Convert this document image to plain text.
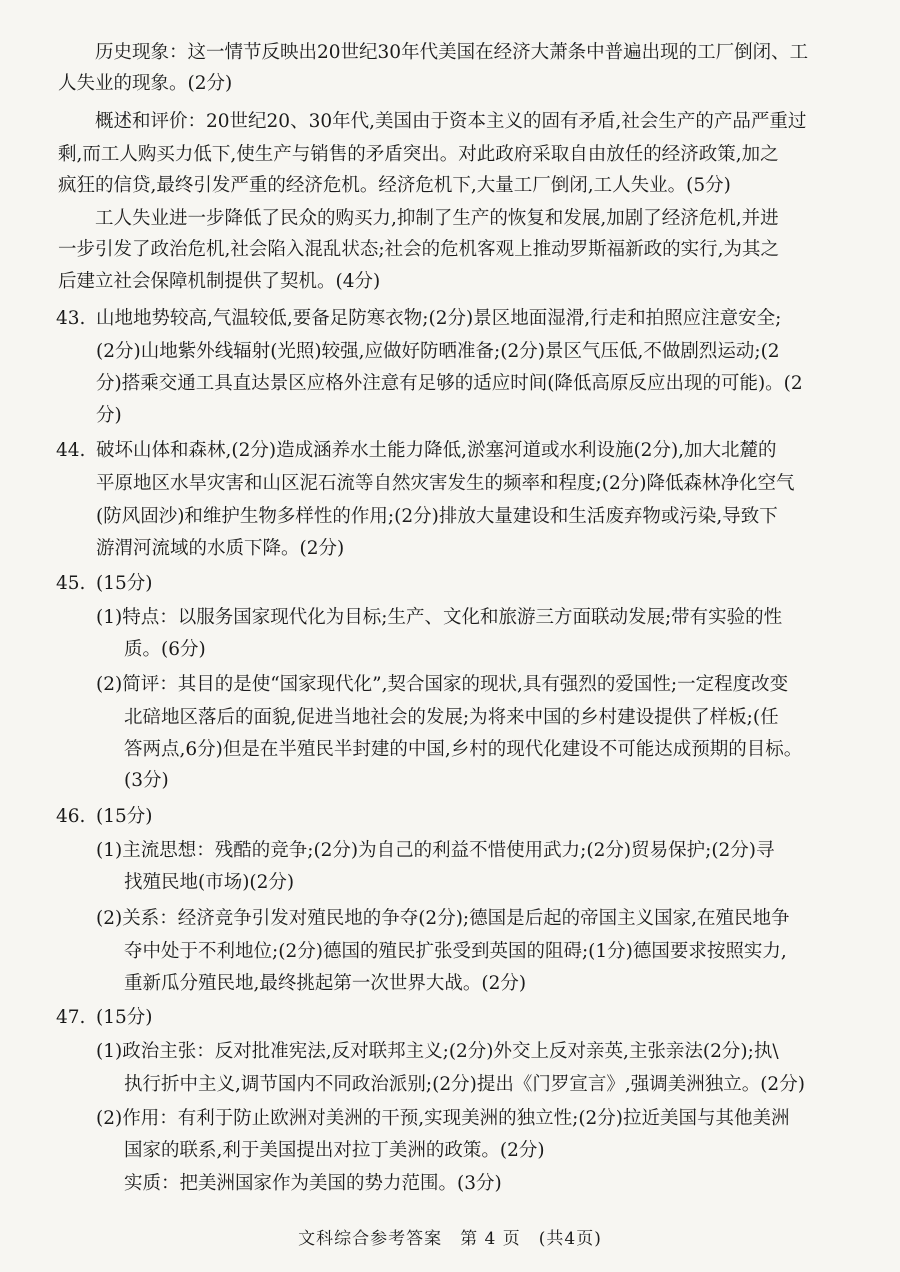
历史现象：这一情节反映出20世纪30年代美国在经济大萧条中普遍出现的工厂倒闭、工
人失业的现象。(2分)
概述和评价：20世纪20、30年代,美国由于资本主义的固有矛盾,社会生产的产品严重过
剩,而工人购买力低下,使生产与销售的矛盾突出。对此政府采取自由放任的经济政策,加之
疯狂的信贷,最终引发严重的经济危机。经济危机下,大量工厂倒闭,工人失业。(5分)
工人失业进一步降低了民众的购买力,抑制了生产的恢复和发展,加剧了经济危机,并进
一步引发了政治危机,社会陷入混乱状态;社会的危机客观上推动罗斯福新政的实行,为其之
后建立社会保障机制提供了契机。(4分)
43. 山地地势较高,气温较低,要备足防寒衣物;(2分)景区地面湿滑,行走和拍照应注意安全;
(2分)山地紫外线辐射(光照)较强,应做好防晒准备;(2分)景区气压低,不做剧烈运动;(2
分)搭乘交通工具直达景区应格外注意有足够的适应时间(降低高原反应出现的可能)。(2
分)
44. 破坏山体和森林,(2分)造成涵养水土能力降低,淤塞河道或水利设施(2分),加大北麓的
平原地区水旱灾害和山区泥石流等自然灾害发生的频率和程度;(2分)降低森林净化空气
(防风固沙)和维护生物多样性的作用;(2分)排放大量建设和生活废弃物或污染,导致下
游渭河流域的水质下降。(2分)
45. (15分)
(1)特点：以服务国家现代化为目标;生产、文化和旅游三方面联动发展;带有实验的性
质。(6分)
(2)简评：其目的是使“国家现代化”,契合国家的现状,具有强烈的爱国性;一定程度改变
北碚地区落后的面貌,促进当地社会的发展;为将来中国的乡村建设提供了样板;(任
答两点,6分)但是在半殖民半封建的中国,乡村的现代化建设不可能达成预期的目标。
(3分)
46. (15分)
(1)主流思想：残酷的竞争;(2分)为自己的利益不惜使用武力;(2分)贸易保护;(2分)寻
找殖民地(市场)(2分)
(2)关系：经济竞争引发对殖民地的争夺(2分);德国是后起的帝国主义国家,在殖民地争
夺中处于不利地位;(2分)德国的殖民扩张受到英国的阻碍;(1分)德国要求按照实力,
重新瓜分殖民地,最终挑起第一次世界大战。(2分)
47. (15分)
(1)政治主张：反对批准宪法,反对联邦主义;(2分)外交上反对亲英,主张亲法(2分);执\
执行折中主义,调节国内不同政治派别;(2分)提出《门罗宣言》,强调美洲独立。(2分)
(2)作用：有利于防止欧洲对美洲的干预,实现美洲的独立性;(2分)拉近美国与其他美洲
国家的联系,利于美国提出对拉丁美洲的政策。(2分)
实质：把美洲国家作为美国的势力范围。(3分)
文科综合参考答案　第 4 页　(共4页)
